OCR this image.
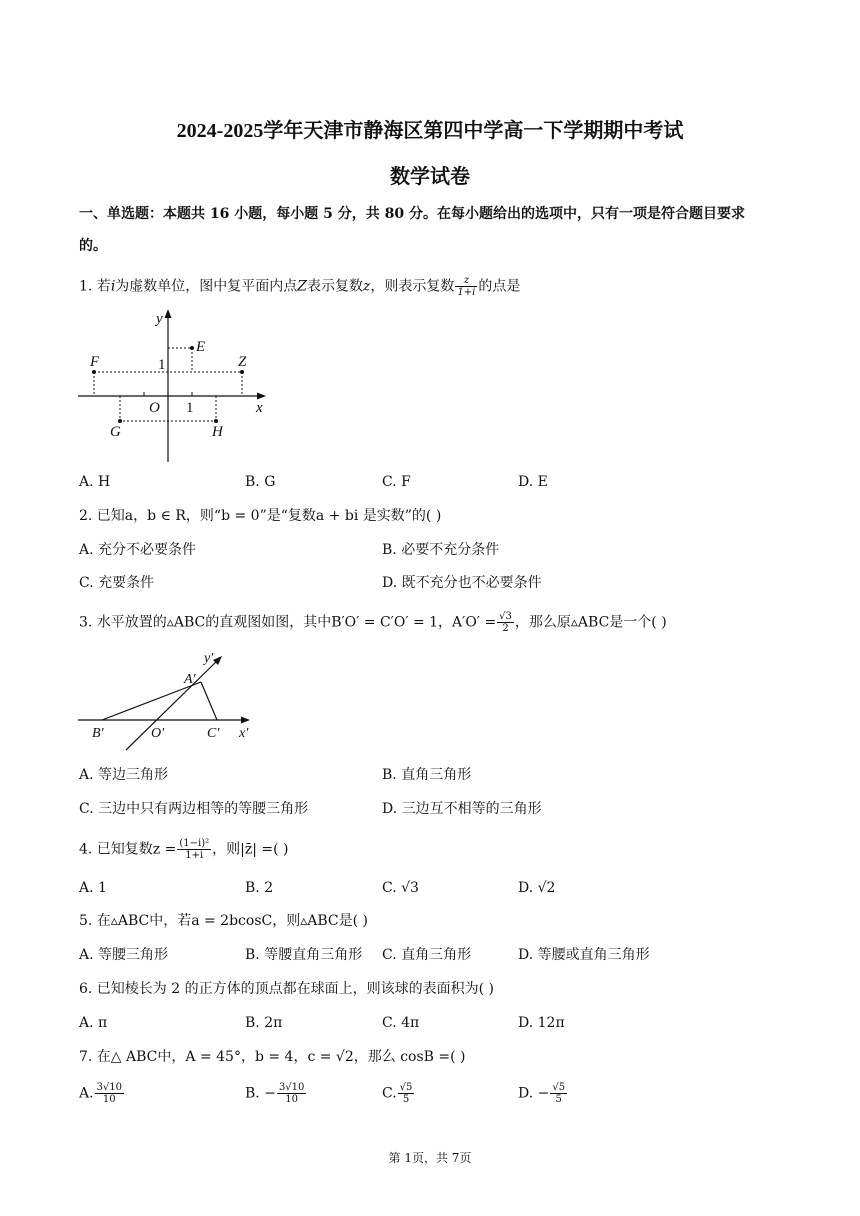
2024-2025学年天津市静海区第四中学高一下学期期中考试
数学试卷
一、单选题：本题共 16 小题，每小题 5 分，共 80 分。在每小题给出的选项中，只有一项是符合题目要求
的。
1. 若i为虚数单位，图中复平面内点Z表示复数z，则表示复数 $\frac{z}{1+i}$ 的点是
y
x
O 1
1
E
F	Z
G	H
A. H	B. G	C. F	D. E
2. 已知a，b ∈ R，则“b = 0”是“复数a + bi 是实数”的( )
A. 充分不必要条件	B. 必要不充分条件
C. 充要条件	D. 既不充分也不必要条件
3. 水平放置的▵ABC的直观图如图，其中B′O′ = C′O′ = 1，$A'O' = \frac{√3}{2}$ ，那么原▵ABC是一个( )
y′
x′
A′
B′	O′	C′
A. 等边三角形	B. 直角三角形
C. 三边中只有两边相等的等腰三角形	D. 三边互不相等的三角形
4. 已知复数$z = \frac{\text{(1−i)²}}{1+i}$ ，则|z̄| =( )
A. 1	B. 2	C. √3	D. √2
5. 在▵ABC中，若a = 2bcosC，则▵ABC是( )
A. 等腰三角形	B. 等腰直角三角形 C. 直角三角形	D. 等腰或直角三角形
6. 已知棱长为 2 的正方体的顶点都在球面上，则该球的表面积为( )
A. π	B. 2π	C. 4π	D. 12π
7. 在△ ABC中，A = 45°，b = 4，c = √2，那么 cosB =( )
A. $\frac{3√10}{10}$	B. − $\frac{3√10}{10}$	C. $\frac{√5}{5}$	D. − $\frac{√5}{5}$
第 1页，共 7页
